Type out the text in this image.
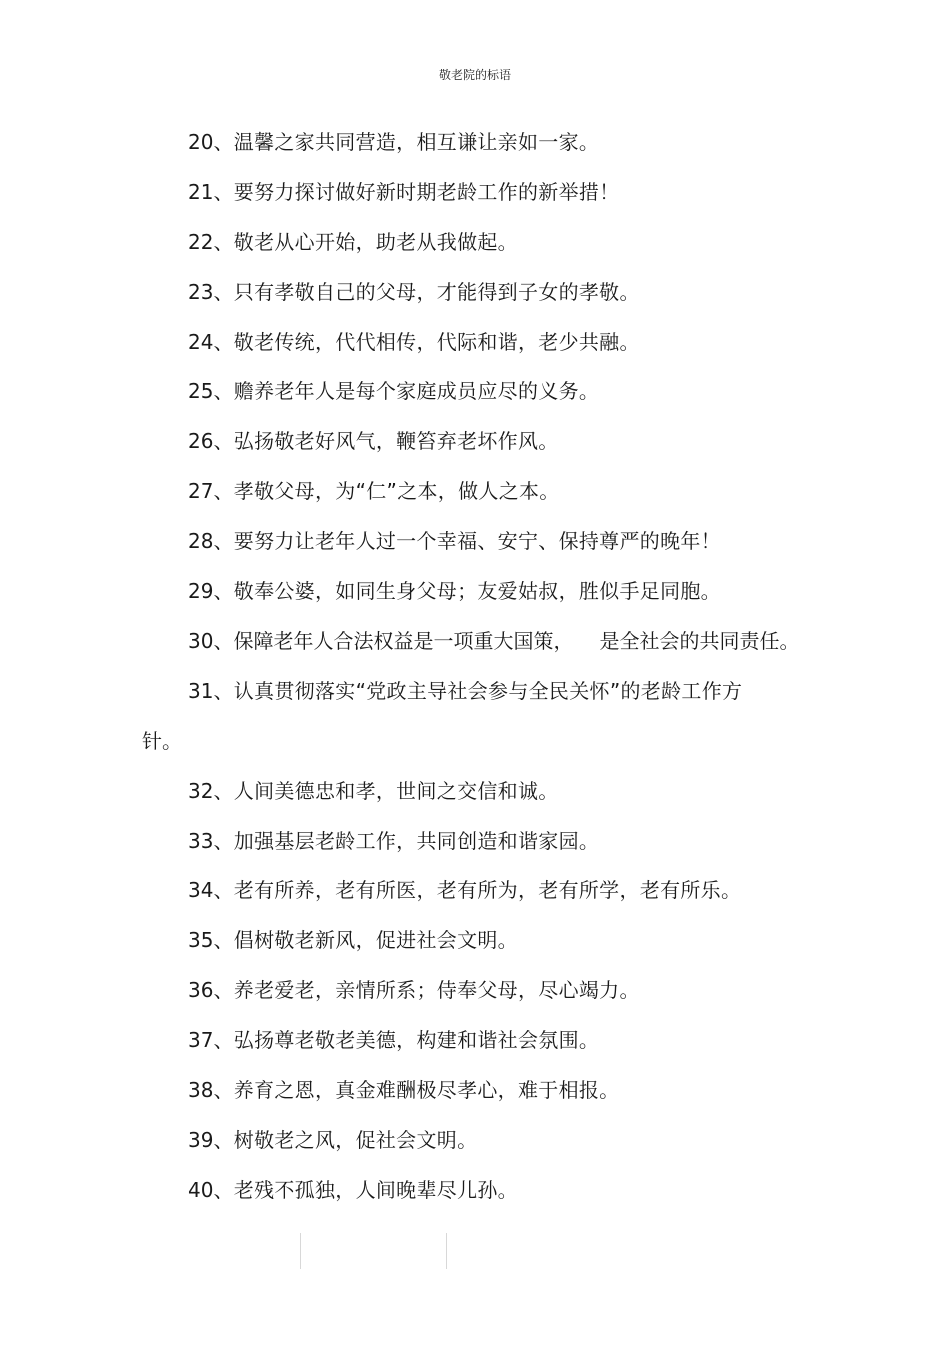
敬老院的标语
20、温馨之家共同营造，相互谦让亲如一家。
21、要努力探讨做好新时期老龄工作的新举措！
22、敬老从心开始，助老从我做起。
23、只有孝敬自己的父母，才能得到子女的孝敬。
24、敬老传统，代代相传，代际和谐，老少共融。
25、赡养老年人是每个家庭成员应尽的义务。
26、弘扬敬老好风气，鞭笞弃老坏作风。
27、孝敬父母，为“仁”之本，做人之本。
28、要努力让老年人过一个幸福、安宁、保持尊严的晚年！
29、敬奉公婆，如同生身父母；友爱姑叔，胜似手足同胞。
30、保障老年人合法权益是一项重大国策， 是全社会的共同责任。
31、认真贯彻落实“党政主导社会参与全民关怀”的老龄工作方
针。
32、人间美德忠和孝，世间之交信和诚。
33、加强基层老龄工作，共同创造和谐家园。
34、老有所养，老有所医，老有所为，老有所学，老有所乐。
35、倡树敬老新风，促进社会文明。
36、养老爱老，亲情所系；侍奉父母，尽心竭力。
37、弘扬尊老敬老美德，构建和谐社会氛围。
38、养育之恩，真金难酬极尽孝心，难于相报。
39、树敬老之风，促社会文明。
40、老残不孤独，人间晚辈尽儿孙。
